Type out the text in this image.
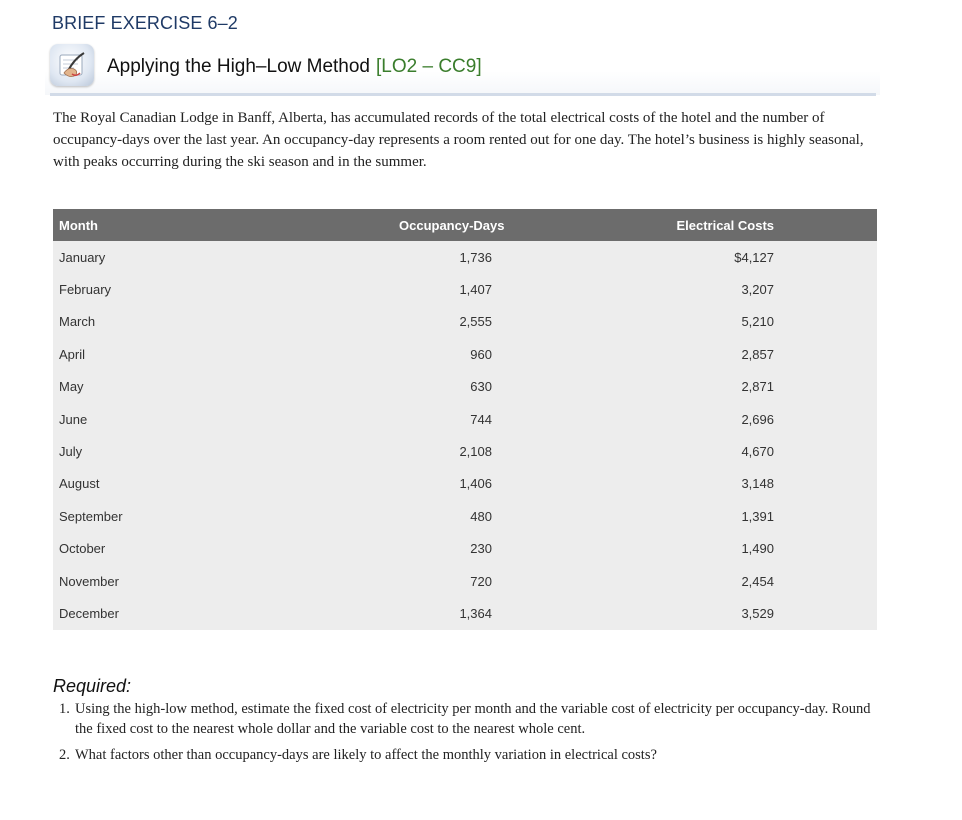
BRIEF EXERCISE 6–2
Applying the High–Low Method [LO2 – CC9]
The Royal Canadian Lodge in Banff, Alberta, has accumulated records of the total electrical costs of the hotel and the number of occupancy-days over the last year. An occupancy-day represents a room rented out for one day. The hotel’s business is highly seasonal, with peaks occurring during the ski season and in the summer.
Month	Occupancy-Days	Electrical Costs
January	1,736	$4,127
February	1,407	3,207
March	2,555	5,210
April	960	2,857
May	630	2,871
June	744	2,696
July	2,108	4,670
August	1,406	3,148
September	480	1,391
October	230	1,490
November	720	2,454
December	1,364	3,529
Required:
1. Using the high-low method, estimate the fixed cost of electricity per month and the variable cost of electricity per occupancy-day. Round the fixed cost to the nearest whole dollar and the variable cost to the nearest whole cent.
2. What factors other than occupancy-days are likely to affect the monthly variation in electrical costs?
